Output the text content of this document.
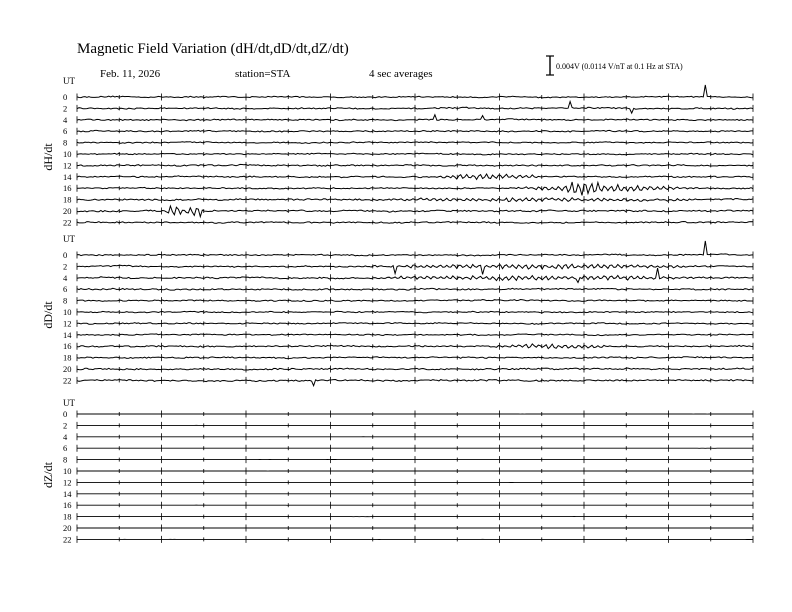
Magnetic Field Variation (dH/dt,dD/dt,dZ/dt)
Feb. 11, 2026	station=STA	4 sec averages
0.004V (0.0114 V/nT at 0.1 Hz at STA)
UT
UT
UT
dH/dt
dD/dt
dZ/dt
0
2
4
6
8
10
12
14
16
18
20
22
0
2
4
6
8
10
12
14
16
18
20
22
0
2
4
6
8
10
12
14
16
18
20
22
